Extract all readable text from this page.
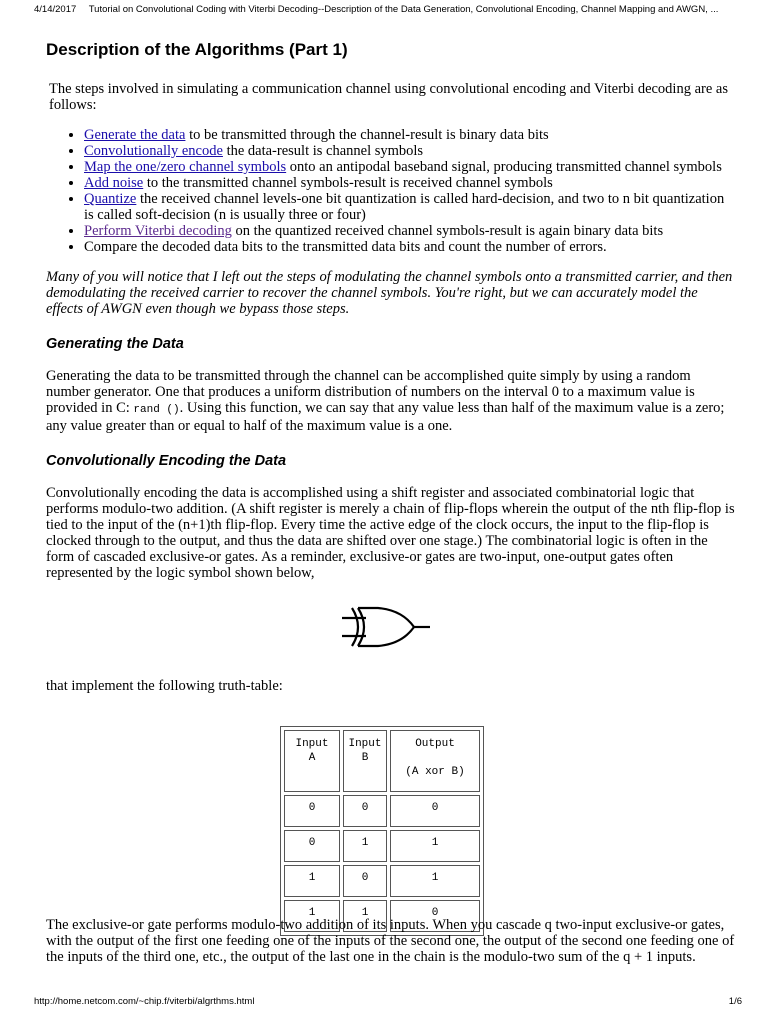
4/14/2017 Tutorial on Convolutional Coding with Viterbi Decoding--Description of the Data Generation, Convolutional Encoding, Channel Mapping and AWGN, ...
Description of the Algorithms (Part 1)

The steps involved in simulating a communication channel using convolutional encoding and Viterbi decoding are as follows:

• Generate the data to be transmitted through the channel-result is binary data bits
• Convolutionally encode the data-result is channel symbols
• Map the one/zero channel symbols onto an antipodal baseband signal, producing transmitted channel symbols
• Add noise to the transmitted channel symbols-result is received channel symbols
• Quantize the received channel levels-one bit quantization is called hard-decision, and two to n bit quantization is called soft-decision (n is usually three or four)
• Perform Viterbi decoding on the quantized received channel symbols-result is again binary data bits
• Compare the decoded data bits to the transmitted data bits and count the number of errors.

Many of you will notice that I left out the steps of modulating the channel symbols onto a transmitted carrier, and then demodulating the received carrier to recover the channel symbols. You're right, but we can accurately model the effects of AWGN even though we bypass those steps.

Generating the Data

Generating the data to be transmitted through the channel can be accomplished quite simply by using a random number generator. One that produces a uniform distribution of numbers on the interval 0 to a maximum value is provided in C: rand (). Using this function, we can say that any value less than half of the maximum value is a zero; any value greater than or equal to half of the maximum value is a one.

Convolutionally Encoding the Data

Convolutionally encoding the data is accomplished using a shift register and associated combinatorial logic that performs modulo-two addition. (A shift register is merely a chain of flip-flops wherein the output of the nth flip-flop is tied to the input of the (n+1)th flip-flop. Every time the active edge of the clock occurs, the input to the flip-flop is clocked through to the output, and thus the data are shifted over one stage.) The combinatorial logic is often in the form of cascaded exclusive-or gates. As a reminder, exclusive-or gates are two-input, one-output gates often represented by the logic symbol shown below,

that implement the following truth-table:

Input
A	Input
B	Output
(A xor B)
0	0	0
0	1	1
1	0	1
1	1	0

The exclusive-or gate performs modulo-two addition of its inputs. When you cascade q two-input exclusive-or gates, with the output of the first one feeding one of the inputs of the second one, the output of the second one feeding one of the inputs of the third one, etc., the output of the last one in the chain is the modulo-two sum of the q + 1 inputs.

http://home.netcom.com/~chip.f/viterbi/algrthms.html	1/6
